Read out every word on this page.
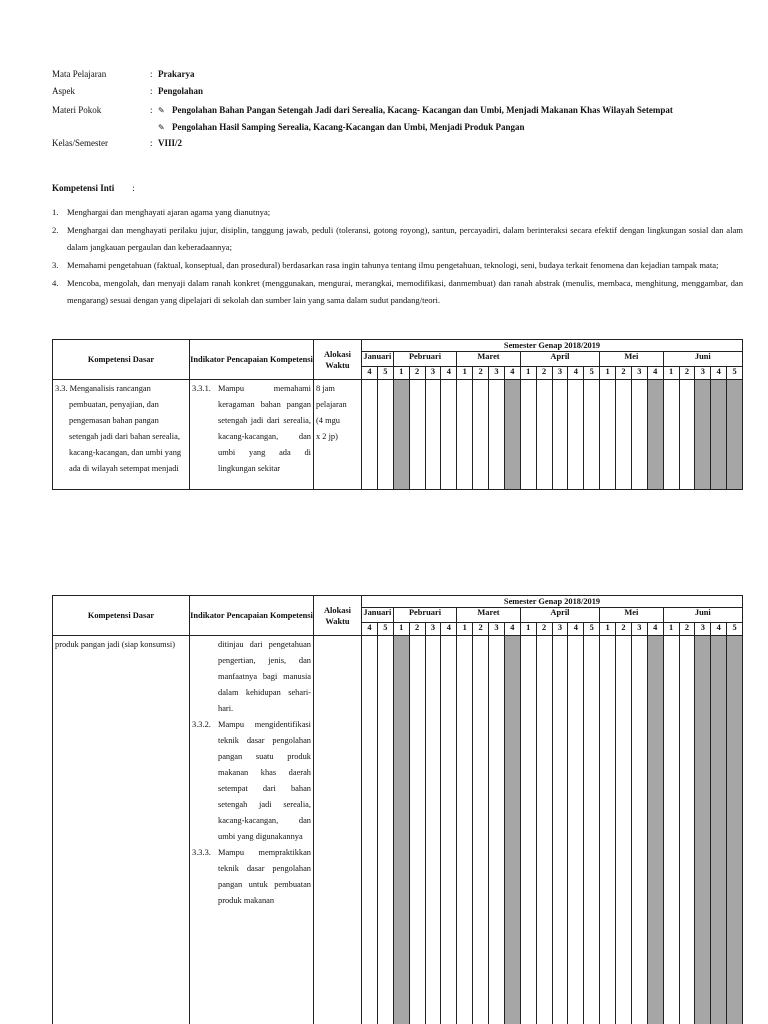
Mata Pelajaran	: Prakarya
Aspek	: Pengolahan
Materi Pokok	: ✎ Pengolahan Bahan Pangan Setengah Jadi dari Serealia, Kacang- Kacangan dan Umbi, Menjadi Makanan Khas Wilayah Setempat
✎ Pengolahan Hasil Samping Serealia, Kacang-Kacangan dan Umbi, Menjadi Produk Pangan
Kelas/Semester	: VIII/2
Kompetensi Inti :
1. Menghargai dan menghayati ajaran agama yang dianutnya;
2. Menghargai dan menghayati perilaku jujur, disiplin, tanggung jawab, peduli (toleransi, gotong royong), santun, percayadiri, dalam berinteraksi secara efektif dengan lingkungan sosial dan alam dalam jangkauan pergaulan dan keberadaannya;
3. Memahami pengetahuan (faktual, konseptual, dan prosedural) berdasarkan rasa ingin tahunya tentang ilmu pengetahuan, teknologi, seni, budaya terkait fenomena dan kejadian tampak mata;
4. Mencoba, mengolah, dan menyaji dalam ranah konkret (menggunakan, mengurai, merangkai, memodifikasi, danmembuat) dan ranah abstrak (menulis, membaca, menghitung, menggambar, dan mengarang) sesuai dengan yang dipelajari di sekolah dan sumber lain yang sama dalam sudut pandang/teori.
Kompetensi Dasar	Indikator Pencapaian Kompetensi	Alokasi Waktu	Semester Genap 2018/2019																							
			Januari		Pebruari				Maret				April					Mei				Juni				
			4	5	1	2	3	4	1	2	3	4	1	2	3	4	5	1	2	3	4	1	2	3	4	5

3.3. Menganalisis rancangan pembuatan, penyajian, dan pengemasan bahan pangan setengah jadi dari bahan serealia, kacang-kacangan, dan umbi yang ada di wilayah setempat menjadi	3.3.1. Mampu memahami keragaman bahan pangan setengah jadi dari serealia, kacang-kacangan, dan umbi yang ada di lingkungan sekitar	8 jam pelajaran (4 mgu x 2 jp)																								

Kompetensi Dasar	Indikator Pencapaian Kompetensi	Alokasi Waktu	Semester Genap 2018/2019																							
			Januari		Pebruari				Maret				April					Mei				Juni				
			4	5	1	2	3	4	1	2	3	4	1	2	3	4	5	1	2	3	4	1	2	3	4	5

produk pangan jadi (siap konsumsi)	ditinjau dari pengetahuan pengertian, jenis, dan manfaatnya bagi manusia dalam kehidupan sehari-hari.
3.3.2. Mampu mengidentifikasi teknik dasar pengolahan pangan suatu produk makanan khas daerah setempat dari bahan setengah jadi serealia, kacang-kacangan, dan umbi yang digunakannya
3.3.3. Mampu mempraktikkan teknik dasar pengolahan pangan untuk pembuatan produk makanan																									
